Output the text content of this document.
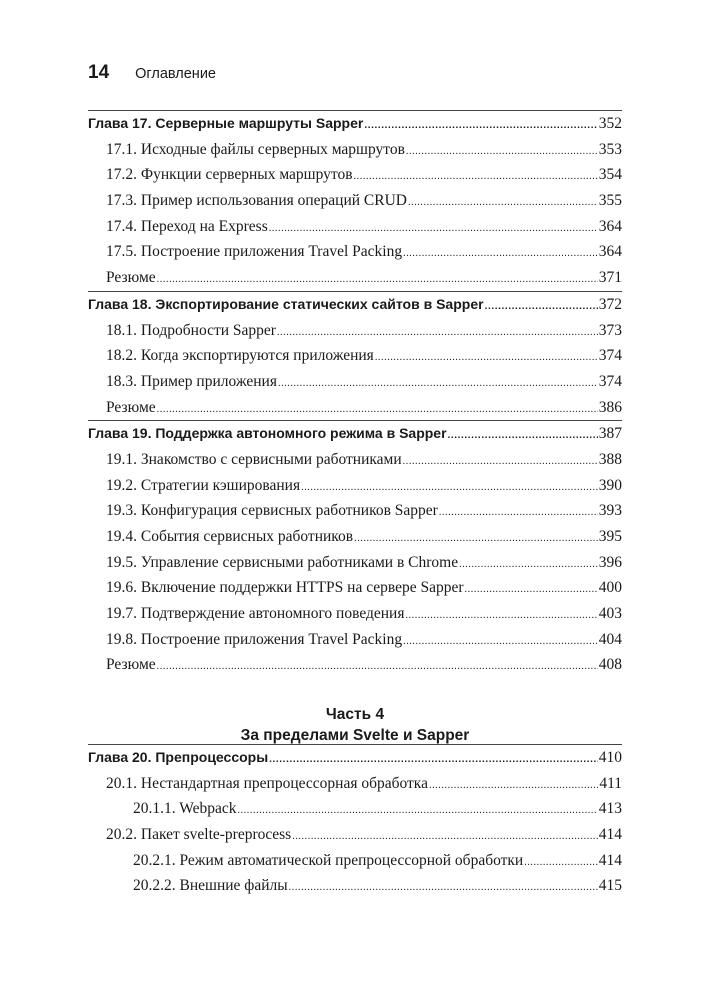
14 Оглавление
Глава 17. Серверные маршруты Sapper .....	352
17.1. Исходные файлы серверных маршрутов .....	353
17.2. Функции серверных маршрутов .....	354
17.3. Пример использования операций CRUD .....	355
17.4. Переход на Express .....	364
17.5. Построение приложения Travel Packing .....	364
Резюме .....	371
Глава 18. Экспортирование статических сайтов в Sapper .....	372
18.1. Подробности Sapper .....	373
18.2. Когда экспортируются приложения .....	374
18.3. Пример приложения .....	374
Резюме .....	386
Глава 19. Поддержка автономного режима в Sapper .....	387
19.1. Знакомство с сервисными работниками .....	388
19.2. Стратегии кэширования .....	390
19.3. Конфигурация сервисных работников Sapper .....	393
19.4. События сервисных работников .....	395
19.5. Управление сервисными работниками в Chrome .....	396
19.6. Включение поддержки HTTPS на сервере Sapper .....	400
19.7. Подтверждение автономного поведения .....	403
19.8. Построение приложения Travel Packing .....	404
Резюме .....	408
Часть 4
За пределами Svelte и Sapper
Глава 20. Препроцессоры .....	410
20.1. Нестандартная препроцессорная обработка .....	411
20.1.1. Webpack .....	413
20.2. Пакет svelte-preprocess .....	414
20.2.1. Режим автоматической препроцессорной обработки .....	414
20.2.2. Внешние файлы .....	415
